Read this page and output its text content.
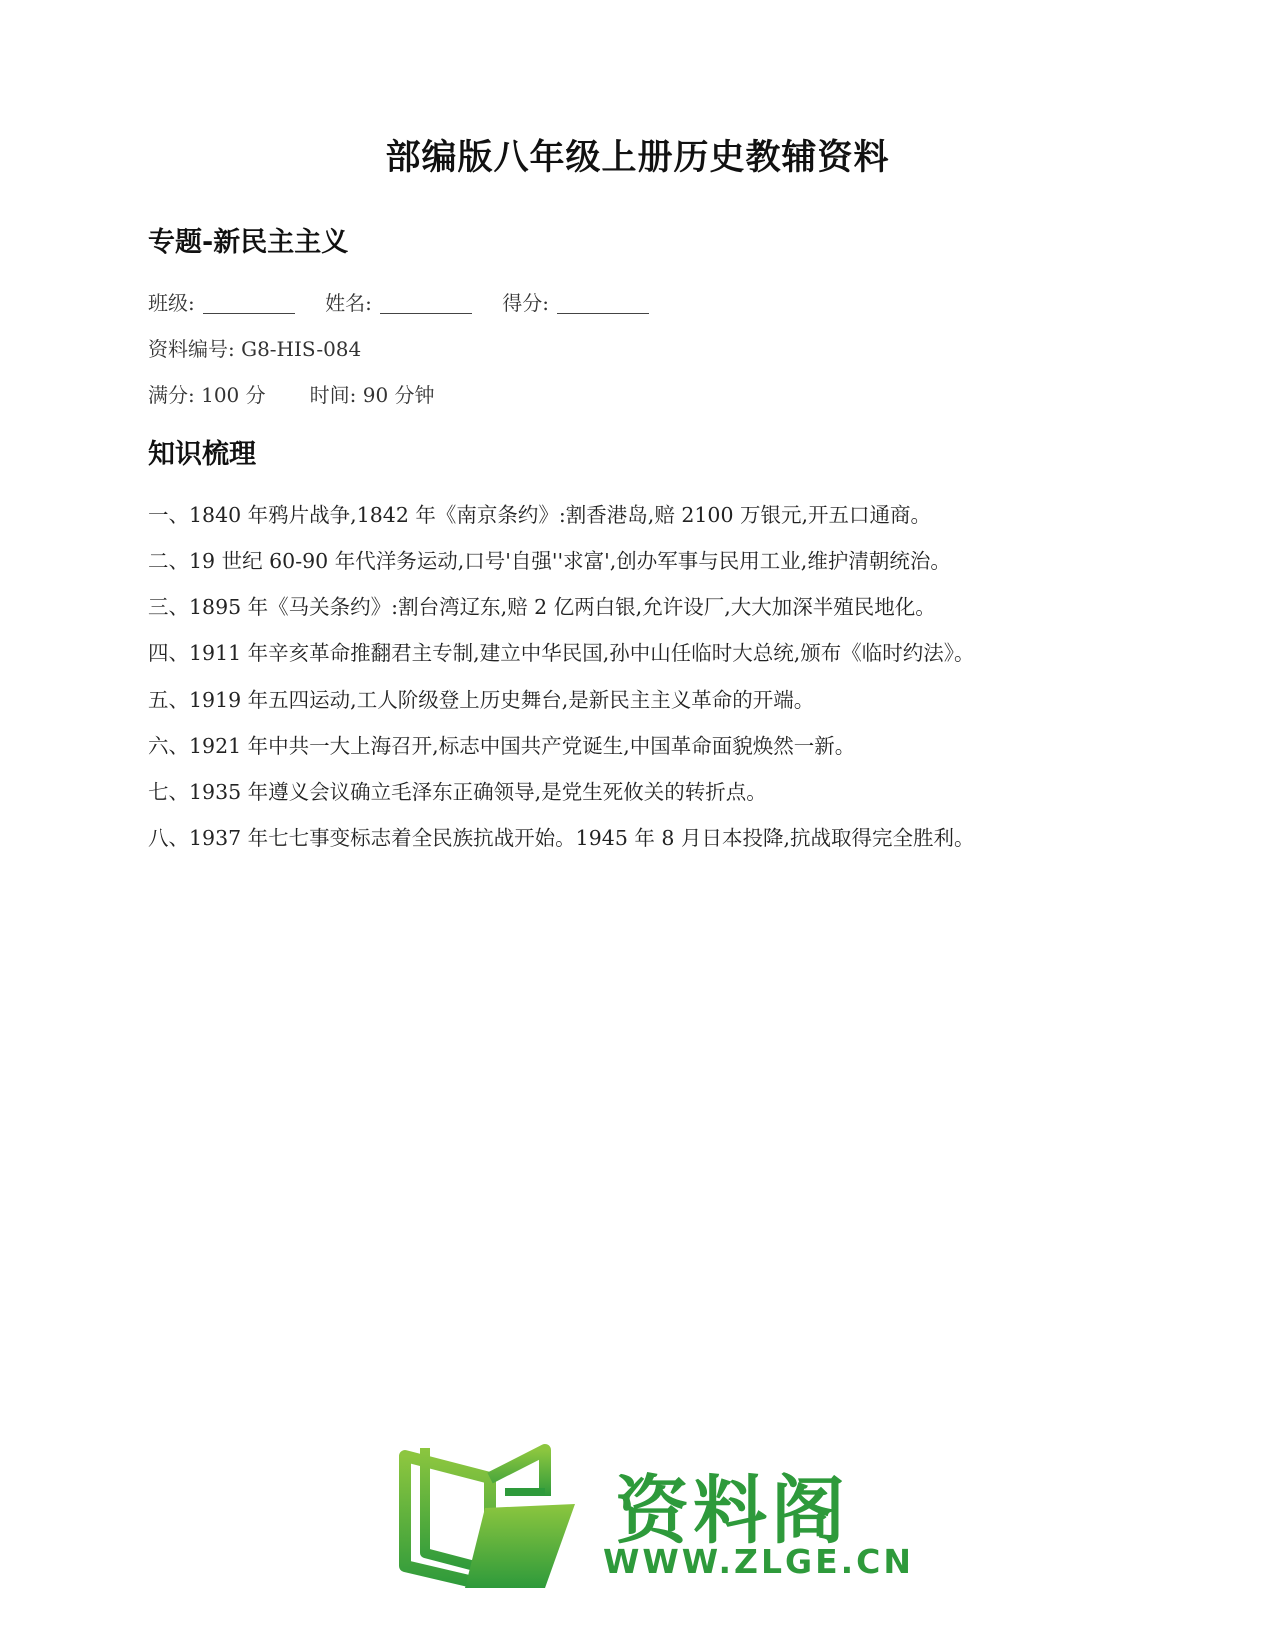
部编版八年级上册历史教辅资料
专题-新民主主义
班级:	姓名:	得分:
资料编号: G8-HIS-084
满分: 100 分 时间: 90 分钟
知识梳理
一、1840 年鸦片战争,1842 年《南京条约》:割香港岛,赔 2100 万银元,开五口通商。
二、19 世纪 60-90 年代洋务运动,口号'自强''求富',创办军事与民用工业,维护清朝统治。
三、1895 年《马关条约》:割台湾辽东,赔 2 亿两白银,允许设厂,大大加深半殖民地化。
四、1911 年辛亥革命推翻君主专制,建立中华民国,孙中山任临时大总统,颁布《临时约法》。
五、1919 年五四运动,工人阶级登上历史舞台,是新民主主义革命的开端。
六、1921 年中共一大上海召开,标志中国共产党诞生,中国革命面貌焕然一新。
七、1935 年遵义会议确立毛泽东正确领导,是党生死攸关的转折点。
八、1937 年七七事变标志着全民族抗战开始。1945 年 8 月日本投降,抗战取得完全胜利。
资料阁
WWW.ZLGE.CN
